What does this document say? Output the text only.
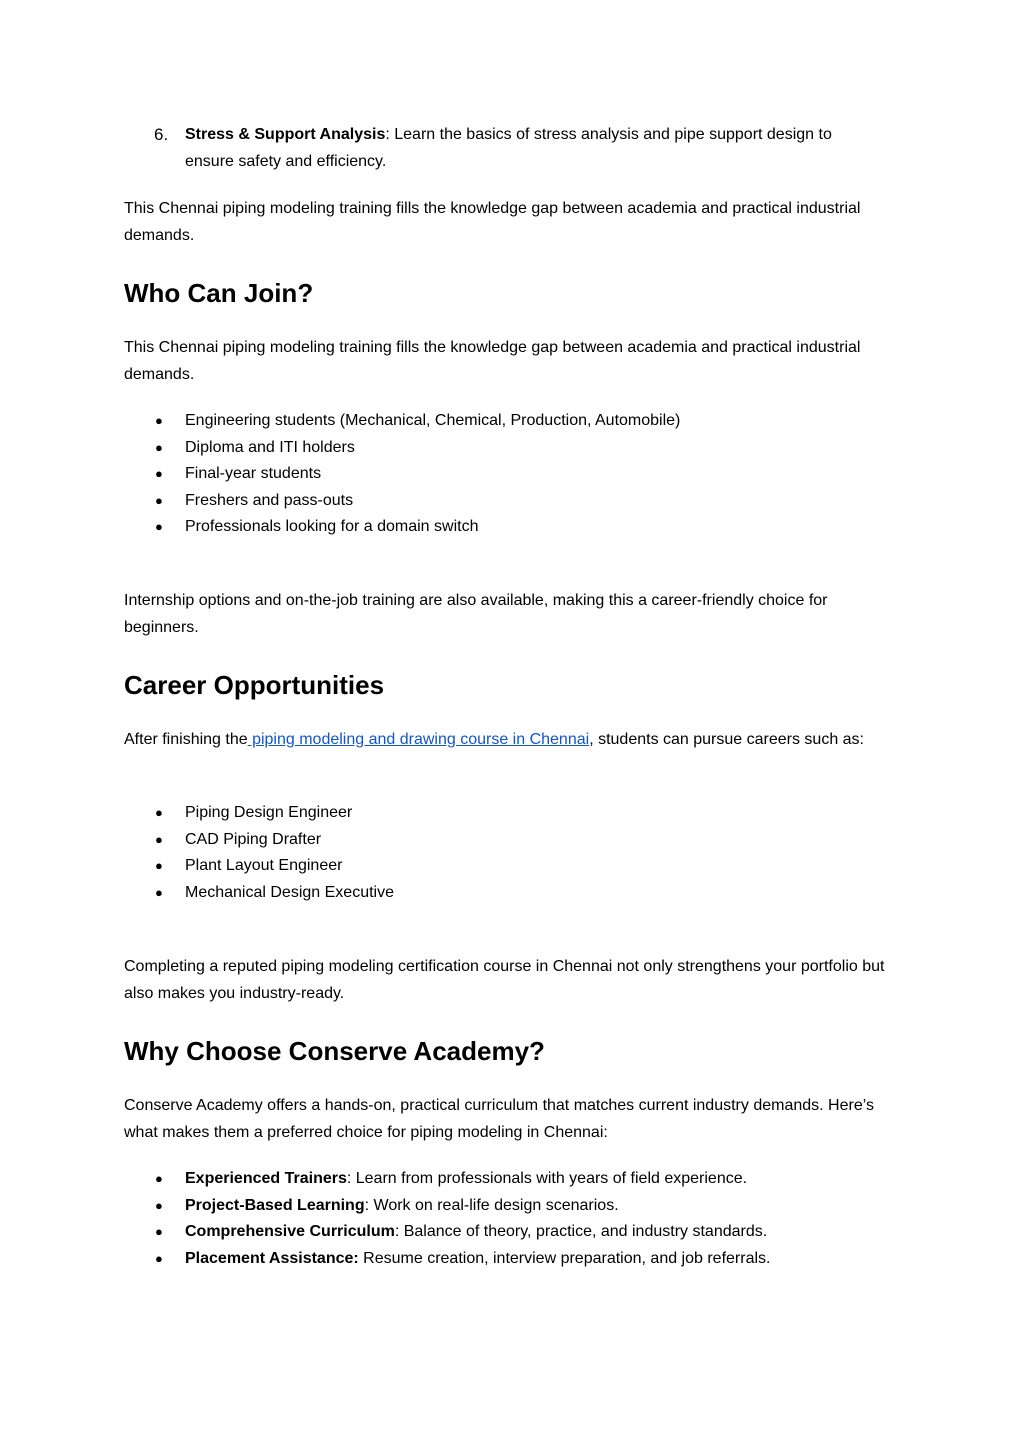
6. Stress & Support Analysis: Learn the basics of stress analysis and pipe support design to ensure safety and efficiency.
This Chennai piping modeling training fills the knowledge gap between academia and practical industrial demands.
Who Can Join?
This Chennai piping modeling training fills the knowledge gap between academia and practical industrial demands.
● Engineering students (Mechanical, Chemical, Production, Automobile)
● Diploma and ITI holders
● Final-year students
● Freshers and pass-outs
● Professionals looking for a domain switch
Internship options and on-the-job training are also available, making this a career-friendly choice for beginners.
Career Opportunities
After finishing the piping modeling and drawing course in Chennai, students can pursue careers such as:
● Piping Design Engineer
● CAD Piping Drafter
● Plant Layout Engineer
● Mechanical Design Executive
Completing a reputed piping modeling certification course in Chennai not only strengthens your portfolio but also makes you industry-ready.
Why Choose Conserve Academy?
Conserve Academy offers a hands-on, practical curriculum that matches current industry demands. Here’s what makes them a preferred choice for piping modeling in Chennai:
● Experienced Trainers: Learn from professionals with years of field experience.
● Project-Based Learning: Work on real-life design scenarios.
● Comprehensive Curriculum: Balance of theory, practice, and industry standards.
● Placement Assistance: Resume creation, interview preparation, and job referrals.
